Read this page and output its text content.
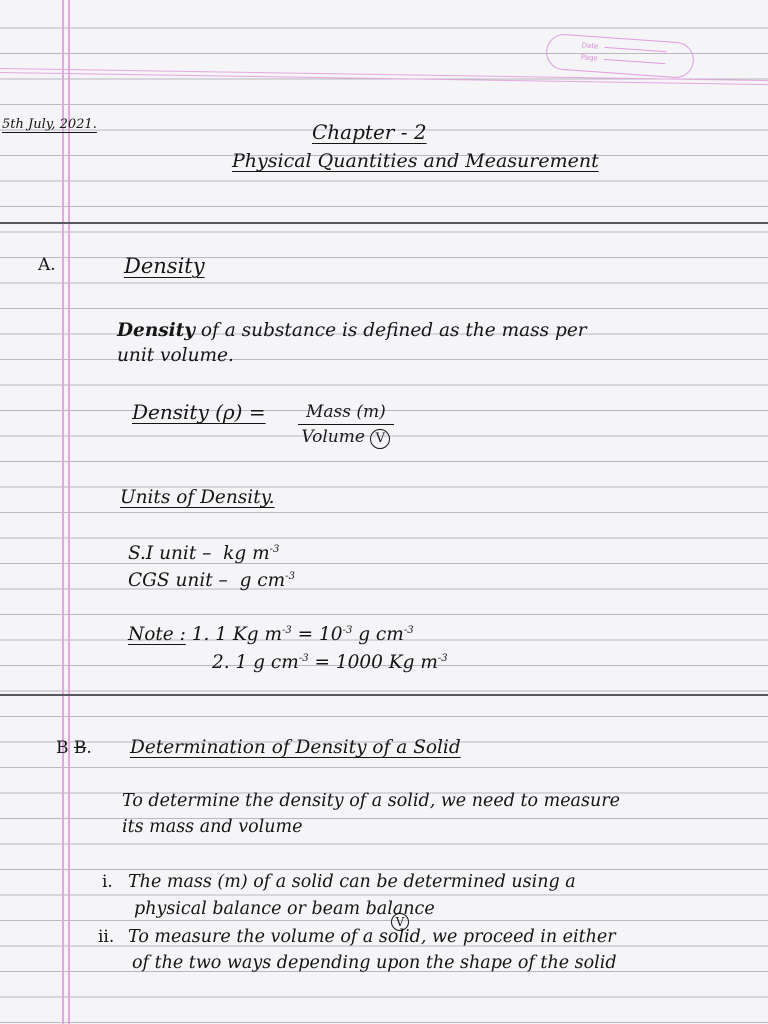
Date
Page
5th July, 2021.	Chapter - 2
Physical Quantities and Measurement
A.	Density
Density of a substance is defined as the mass per
unit volume.
Density (ρ) =	Mass (m)
Volume V
Units of Density.
S.I unit – kg $m^{-3}$
CGS unit – g $cm^{-3}$
Note : 1. 1 Kg $m^{-3} = 10^{-3}$ g $cm^{-3}$
2. 1 g $cm^{-3} = 1000$ Kg $m^{-3}$
B B. Determination of Density of a Solid
To determine the density of a solid, we need to measure
its mass and volume
i. The mass (m) of a solid can be determined using a
physical balance or beam balance
V
ii. To measure the volume of a solid, we proceed in either
of the two ways depending upon the shape of the solid
